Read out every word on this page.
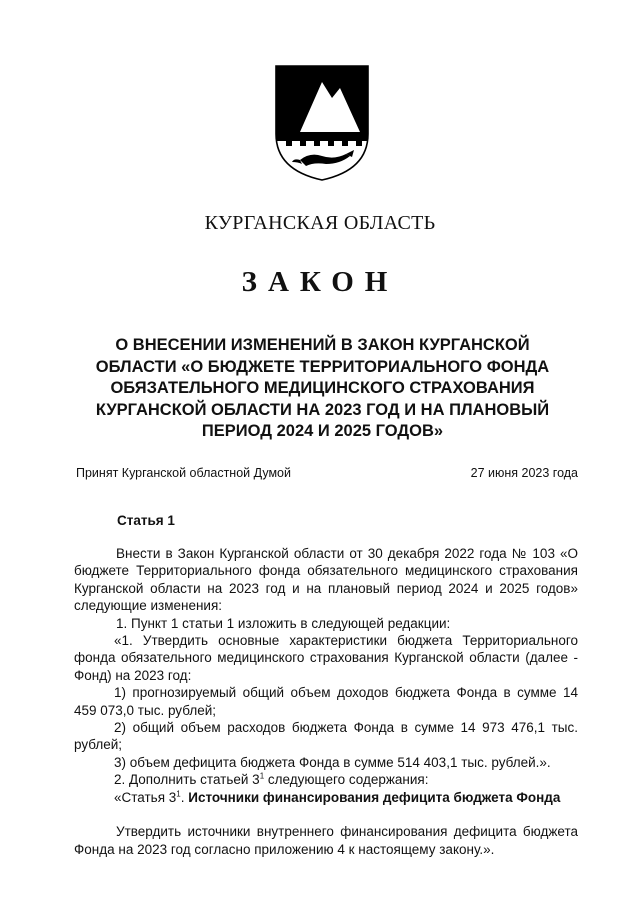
КУРГАНСКАЯ ОБЛАСТЬ
ЗАКОН
О ВНЕСЕНИИ ИЗМЕНЕНИЙ В ЗАКОН КУРГАНСКОЙ ОБЛАСТИ «О БЮДЖЕТЕ ТЕРРИТОРИАЛЬНОГО ФОНДА ОБЯЗАТЕЛЬНОГО МЕДИЦИНСКОГО СТРАХОВАНИЯ КУРГАНСКОЙ ОБЛАСТИ НА 2023 ГОД И НА ПЛАНОВЫЙ ПЕРИОД 2024 И 2025 ГОДОВ»
Принят Курганской областной Думой	27 июня 2023 года
Статья 1

Внести в Закон Курганской области от 30 декабря 2022 года № 103 «О бюджете Территориального фонда обязательного медицинского страхования Курганской области на 2023 год и на плановый период 2024 и 2025 годов» следующие изменения:

1. Пункт 1 статьи 1 изложить в следующей редакции:

«1. Утвердить основные характеристики бюджета Территориального фонда обязательного медицинского страхования Курганской области (далее - Фонд) на 2023 год:

1) прогнозируемый общий объем доходов бюджета Фонда в сумме 14 459 073,0 тыс. рублей;

2) общий объем расходов бюджета Фонда в сумме 14 973 476,1 тыс. рублей;

3) объем дефицита бюджета Фонда в сумме 514 403,1 тыс. рублей.».

2. Дополнить статьей $3^1$ следующего содержания:

«Статья $3^1$. Источники финансирования дефицита бюджета Фонда

Утвердить источники внутреннего финансирования дефицита бюджета Фонда на 2023 год согласно приложению 4 к настоящему закону.».
